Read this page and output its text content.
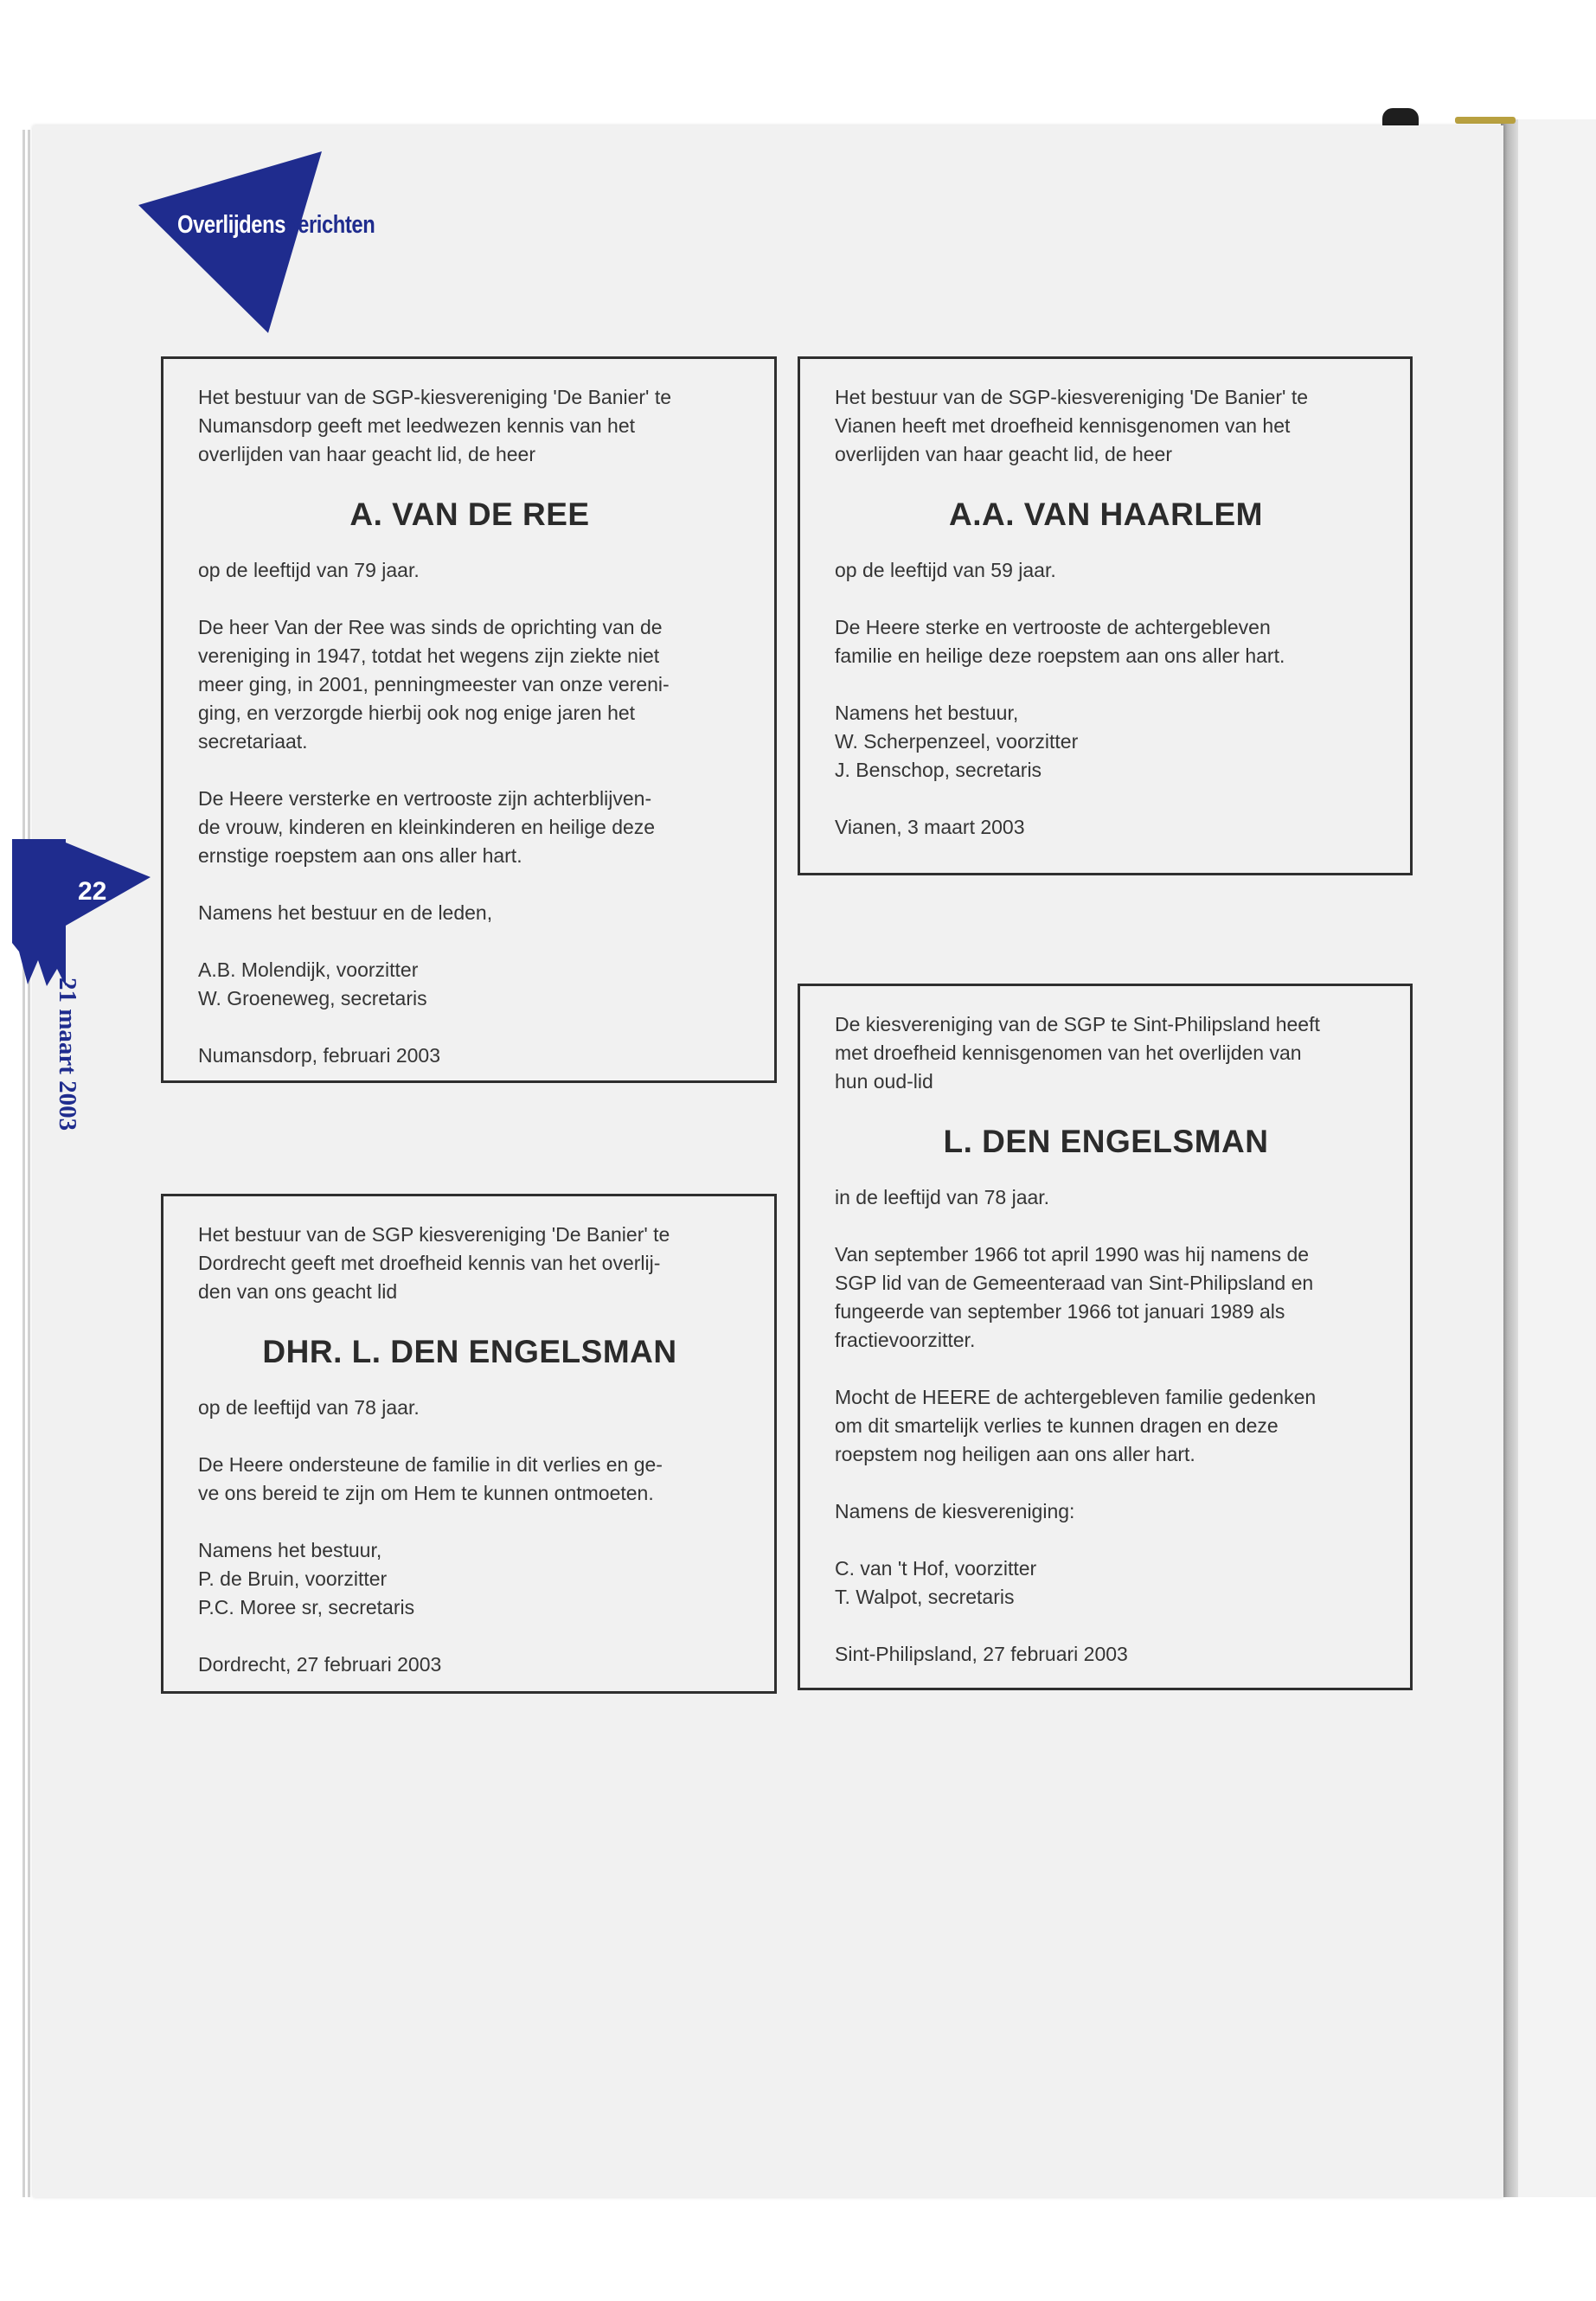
Overlijdensberichten
22
21 maart 2003

Het bestuur van de SGP-kiesvereniging 'De Banier' te
Numansdorp geeft met leedwezen kennis van het
overlijden van haar geacht lid, de heer

A. VAN DE REE

op de leeftijd van 79 jaar.

De heer Van der Ree was sinds de oprichting van de
vereniging in 1947, totdat het wegens zijn ziekte niet
meer ging, in 2001, penningmeester van onze vereni-
ging, en verzorgde hierbij ook nog enige jaren het
secretariaat.

De Heere versterke en vertrooste zijn achterblijven-
de vrouw, kinderen en kleinkinderen en heilige deze
ernstige roepstem aan ons aller hart.

Namens het bestuur en de leden,

A.B. Molendijk, voorzitter
W. Groeneweg, secretaris

Numansdorp, februari 2003

Het bestuur van de SGP-kiesvereniging 'De Banier' te
Vianen heeft met droefheid kennisgenomen van het
overlijden van haar geacht lid, de heer

A.A. VAN HAARLEM

op de leeftijd van 59 jaar.

De Heere sterke en vertrooste de achtergebleven
familie en heilige deze roepstem aan ons aller hart.

Namens het bestuur,
W. Scherpenzeel, voorzitter
J. Benschop, secretaris

Vianen, 3 maart 2003

Het bestuur van de SGP kiesvereniging 'De Banier' te
Dordrecht geeft met droefheid kennis van het overlij-
den van ons geacht lid

DHR. L. DEN ENGELSMAN

op de leeftijd van 78 jaar.

De Heere ondersteune de familie in dit verlies en ge-
ve ons bereid te zijn om Hem te kunnen ontmoeten.

Namens het bestuur,
P. de Bruin, voorzitter
P.C. Moree sr, secretaris

Dordrecht, 27 februari 2003

De kiesvereniging van de SGP te Sint-Philipsland heeft
met droefheid kennisgenomen van het overlijden van
hun oud-lid

L. DEN ENGELSMAN

in de leeftijd van 78 jaar.

Van september 1966 tot april 1990 was hij namens de
SGP lid van de Gemeenteraad van Sint-Philipsland en
fungeerde van september 1966 tot januari 1989 als
fractievoorzitter.

Mocht de HEERE de achtergebleven familie gedenken
om dit smartelijk verlies te kunnen dragen en deze
roepstem nog heiligen aan ons aller hart.

Namens de kiesvereniging:

C. van 't Hof, voorzitter
T. Walpot, secretaris

Sint-Philipsland, 27 februari 2003
